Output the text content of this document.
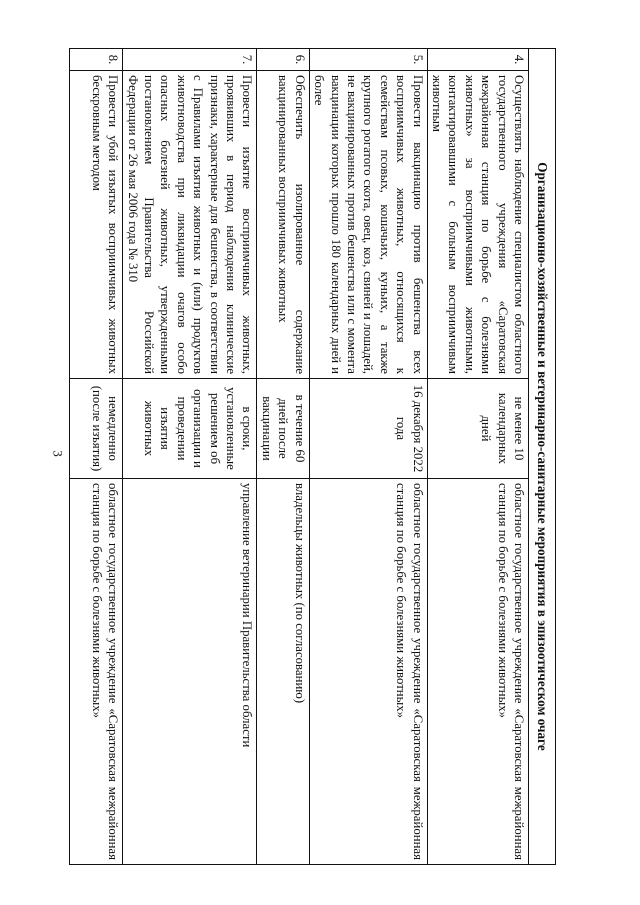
3	Организационно-хозяйственные и ветеринарно-санитарные мероприятия в эпизоотическом очаге			
4.	Осуществлять наблюдение специалистом областного государственного учреждения «Саратовская межрайонная станция по борьбе с болезнями животных» за восприимчивыми животными, контактировавшими с больным восприимчивым животным	не менее 10 календарных дней	областное государственное учреждение «Саратовская межрайонная станция по борьбе с болезнями животных»
5.	Провести вакцинацию против бешенства всех восприимчивых животных, относящихся к семействам псовых, кошачьих, куньих, а также крупного рогатого скота, овец, коз, свиней и лошадей, не вакцинированных против бешенства или с момента вакцинации которых прошло 180 календарных дней и более	16 декабря 2022 года	областное государственное учреждение «Саратовская межрайонная станция по борьбе с болезнями животных»
6.	Обеспечить изолированное содержание вакцинированных восприимчивых животных	в течение 60 дней после вакцинации	владельцы животных (по согласованию)
7.	Провести изъятие восприимчивых животных, проявивших в период наблюдения клинические признаки, характерные для бешенства, в соответствии с Правилами изъятия животных и (или) продуктов животноводства при ликвидации очагов особо опасных болезней животных, утвержденными постановлением Правительства Российской Федерации от 26 мая 2006 года № 310	в сроки, установленные решением об организации и проведении изъятия животных	управление ветеринарии Правительства области
8.	Провести убой изъятых восприимчивых животных бескровным методом	немедленно (после изъятия)	областное государственное учреждение «Саратовская межрайонная станция по борьбе с болезнями животных»
